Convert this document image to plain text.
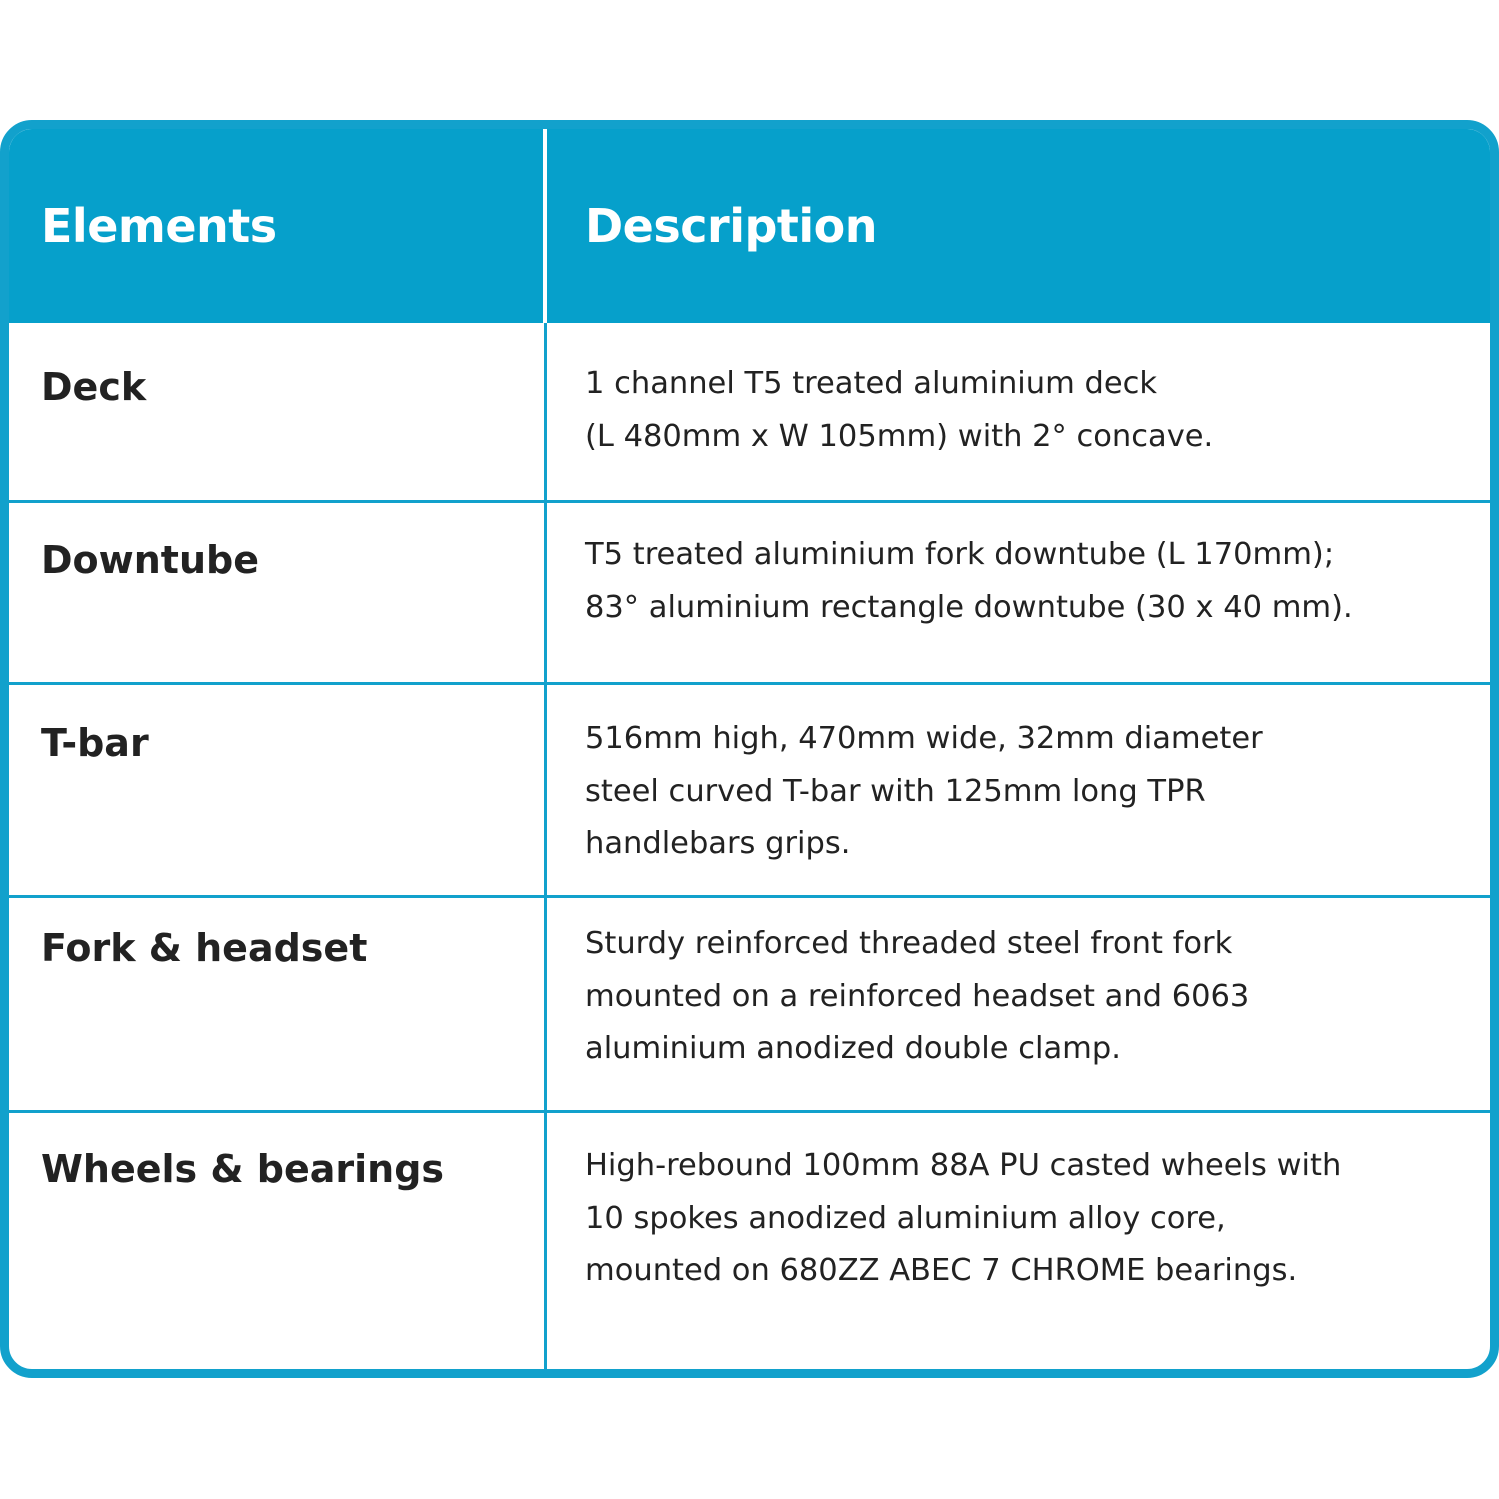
Elements	Description
Deck	1 channel T5 treated aluminium deck
(L 480mm x W 105mm) with 2° concave.
Downtube	T5 treated aluminium fork downtube (L 170mm);
83° aluminium rectangle downtube (30 x 40 mm).
T-bar	516mm high, 470mm wide, 32mm diameter
steel curved T-bar with 125mm long TPR
handlebars grips.
Fork & headset	Sturdy reinforced threaded steel front fork
mounted on a reinforced headset and 6063
aluminium anodized double clamp.
Wheels & bearings	High-rebound 100mm 88A PU casted wheels with
10 spokes anodized aluminium alloy core,
mounted on 680ZZ ABEC 7 CHROME bearings.
